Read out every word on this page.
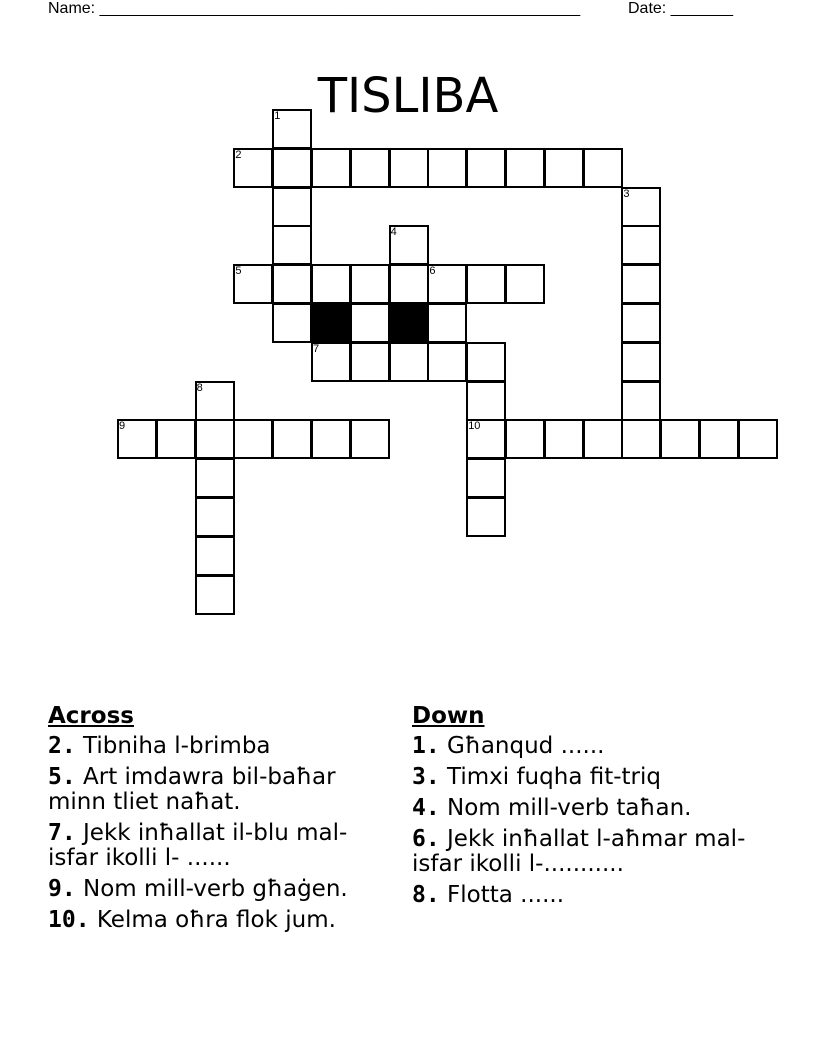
Name: ______________________________________________________	Date: _______
TISLIBA
1
2
3
4
5	6
7
8
9	10
Across
2. Tibniha l-brimba
5. Art imdawra bil-baħar minn tliet naħat.
7. Jekk inħallat il-blu mal-isfar ikolli l- ......
9. Nom mill-verb għaġen.
10. Kelma oħra flok jum.
Down
1. Għanqud ......
3. Timxi fuqha fit-triq
4. Nom mill-verb taħan.
6. Jekk inħallat l-aħmar mal-isfar ikolli l-...........
8. Flotta ......
